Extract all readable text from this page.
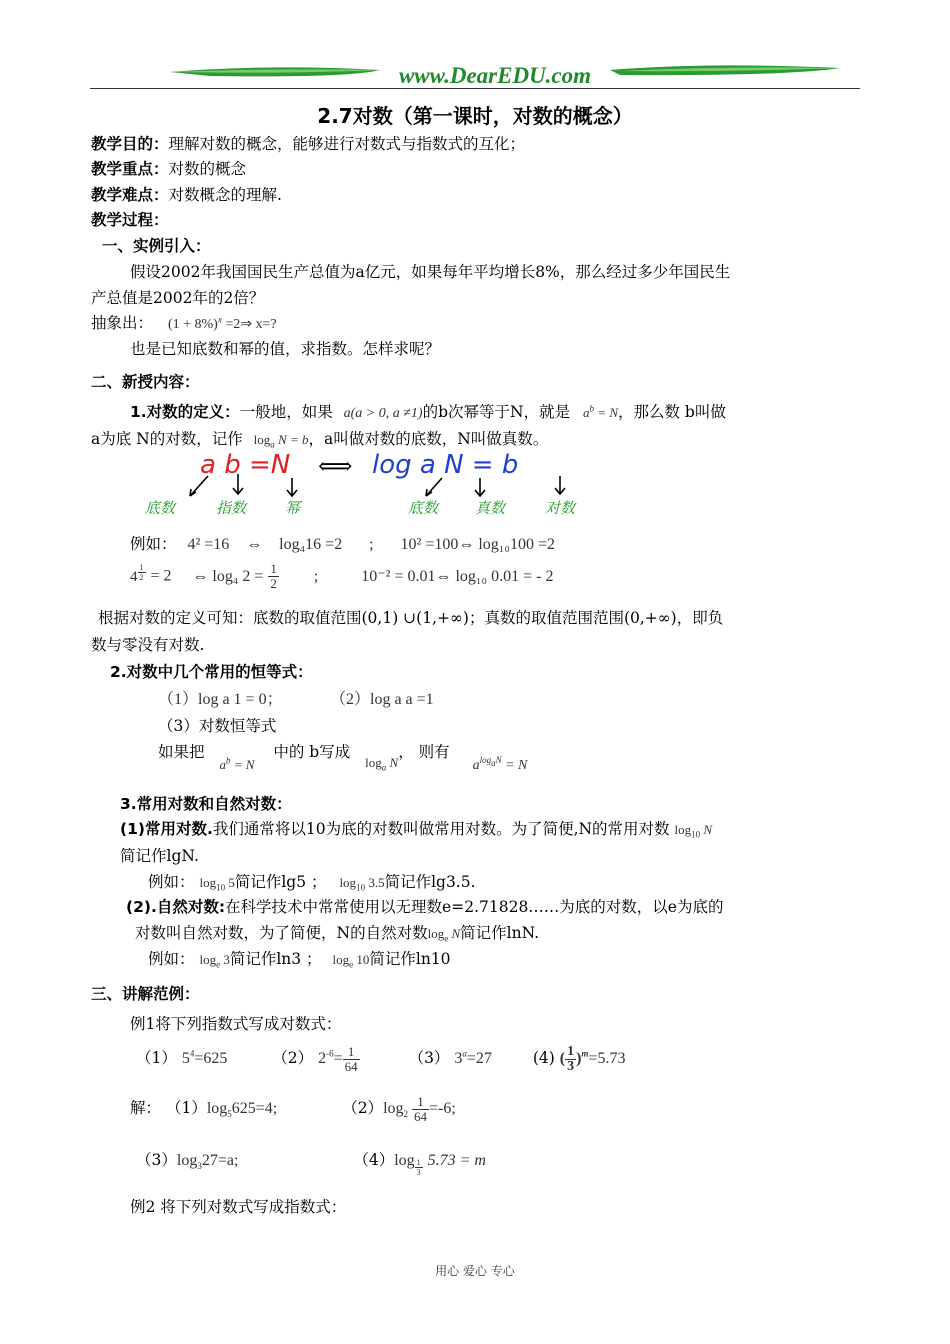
www.DearEDU.com
2.7对数（第一课时，对数的概念）
教学目的：理解对数的概念，能够进行对数式与指数式的互化；
教学重点：对数的概念
教学难点：对数概念的理解.
教学过程：
一、实例引入：
假设2002年我国国民生产总值为a亿元，如果每年平均增长8%，那么经过多少年国民生
产总值是2002年的2倍？
抽象出： $(1 + 8\%)^x$ =2⇒ x=?
也是已知底数和幂的值，求指数。怎样求呢？
二、新授内容：
1.对数的定义：一般地，如果 a(a > 0, a ≠1)的b次幂等于N，就是 $a^b = N$，那么数 b叫做
a为底 N的对数，记作 $\log_a N = b$，a叫做对数的底数，N叫做真数。
a b =N ⟺ log a N = b
底数	指数	幂	底数 真数	对数
例如： 4² =16 ⇔ log₄16 =2 ; 10² =100⇔ log₁₀100 =2
4 $^{\frac{1}{2}}$ = 2 ⇔ log₄ $2 = \frac{1}{2}$ ;	10⁻² = 0.01⇔ log₁₀ 0.01 = - 2
根据对数的定义可知：底数的取值范围(0,1) ∪(1,+∞)；真数的取值范围范围(0,+∞)，即负
数与零没有对数.
2.对数中几个常用的恒等式：
（1）log a 1 = 0；	（2）log a a =1
（3）对数恒等式
如果把 $_{a^b = N}$ 中的 b写成 $_{log_a N}$， 则有 $a^{log_aN} = N$
3.常用对数和自然对数：
(1)常用对数.我们通常将以10为底的对数叫做常用对数。为了简便,N的常用对数 $\log_{10} N$
简记作lgN.
例如： $\log_{10} 5$简记作lg5 ； $\log_{10} 3.5$简记作lg3.5.
(2).自然对数:在科学技术中常常使用以无理数e=2.71828……为底的对数，以e为底的
对数叫自然对数，为了简便，N的自然对数$\log_e N$简记作lnN.
例如： $\log_e 3$简记作ln3 ； $\log_e 10$简记作ln10
三、讲解范例：
例1将下列指数式写成对数式：
（1） $5^4=625$	（2） $2^{-6}= \frac{1}{64}$	（3） $3^a=27$	(4) ( $\frac{1}{3} )^m=5.73$
解： $(1)\log_5625=4$;	$(2)\log_2 \frac{1}{64} =-6$;
$(3)\log_327=a$;	（4）log $_{\frac{1}{3}}$ 5.73 = m
例2 将下列对数式写成指数式：
用心 爱心 专心
